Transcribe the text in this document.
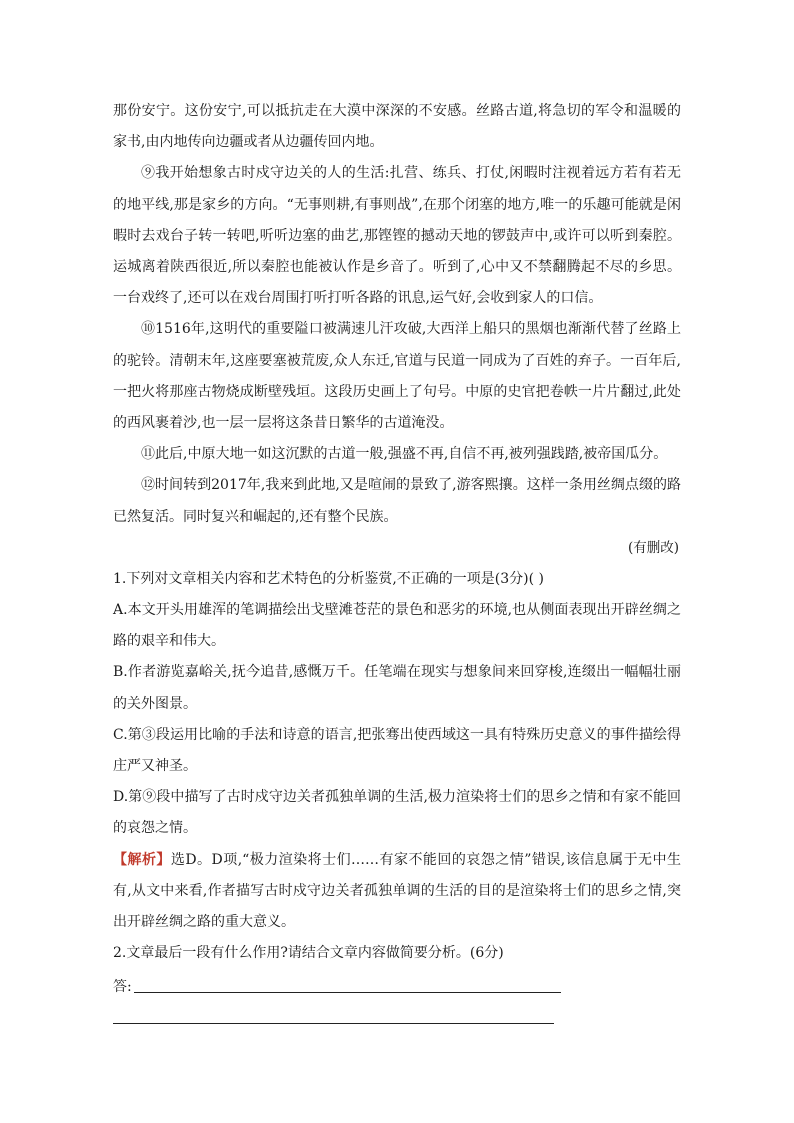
那份安宁。这份安宁,可以抵抗走在大漠中深深的不安感。丝路古道,将急切的军令和温暖的家书,由内地传向边疆或者从边疆传回内地。

⑨我开始想象古时戍守边关的人的生活:扎营、练兵、打仗,闲暇时注视着远方若有若无的地平线,那是家乡的方向。“无事则耕,有事则战”,在那个闭塞的地方,唯一的乐趣可能就是闲暇时去戏台子转一转吧,听听边塞的曲艺,那铿铿的撼动天地的锣鼓声中,或许可以听到秦腔。运城离着陕西很近,所以秦腔也能被认作是乡音了。听到了,心中又不禁翻腾起不尽的乡思。一台戏终了,还可以在戏台周围打听打听各路的讯息,运气好,会收到家人的口信。

⑩1516年,这明代的重要隘口被满速儿汗攻破,大西洋上船只的黑烟也渐渐代替了丝路上的驼铃。清朝末年,这座要塞被荒废,众人东迁,官道与民道一同成为了百姓的弃子。一百年后,一把火将那座古物烧成断壁残垣。这段历史画上了句号。中原的史官把卷帙一片片翻过,此处的西风裹着沙,也一层一层将这条昔日繁华的古道淹没。

⑪此后,中原大地一如这沉默的古道一般,强盛不再,自信不再,被列强践踏,被帝国瓜分。

⑫时间转到2017年,我来到此地,又是喧闹的景致了,游客熙攘。这样一条用丝绸点缀的路已然复活。同时复兴和崛起的,还有整个民族。

(有删改)

1.下列对文章相关内容和艺术特色的分析鉴赏,不正确的一项是(3分)( )

A.本文开头用雄浑的笔调描绘出戈壁滩苍茫的景色和恶劣的环境,也从侧面表现出开辟丝绸之路的艰辛和伟大。

B.作者游览嘉峪关,抚今追昔,感慨万千。任笔端在现实与想象间来回穿梭,连缀出一幅幅壮丽的关外图景。

C.第③段运用比喻的手法和诗意的语言,把张骞出使西域这一具有特殊历史意义的事件描绘得庄严又神圣。

D.第⑨段中描写了古时戍守边关者孤独单调的生活,极力渲染将士们的思乡之情和有家不能回的哀怨之情。

【解析】选D。D项,“极力渲染将士们……有家不能回的哀怨之情”错误,该信息属于无中生有,从文中来看,作者描写古时戍守边关者孤独单调的生活的目的是渲染将士们的思乡之情,突出开辟丝绸之路的重大意义。

2.文章最后一段有什么作用?请结合文章内容做简要分析。(6分)

答:
